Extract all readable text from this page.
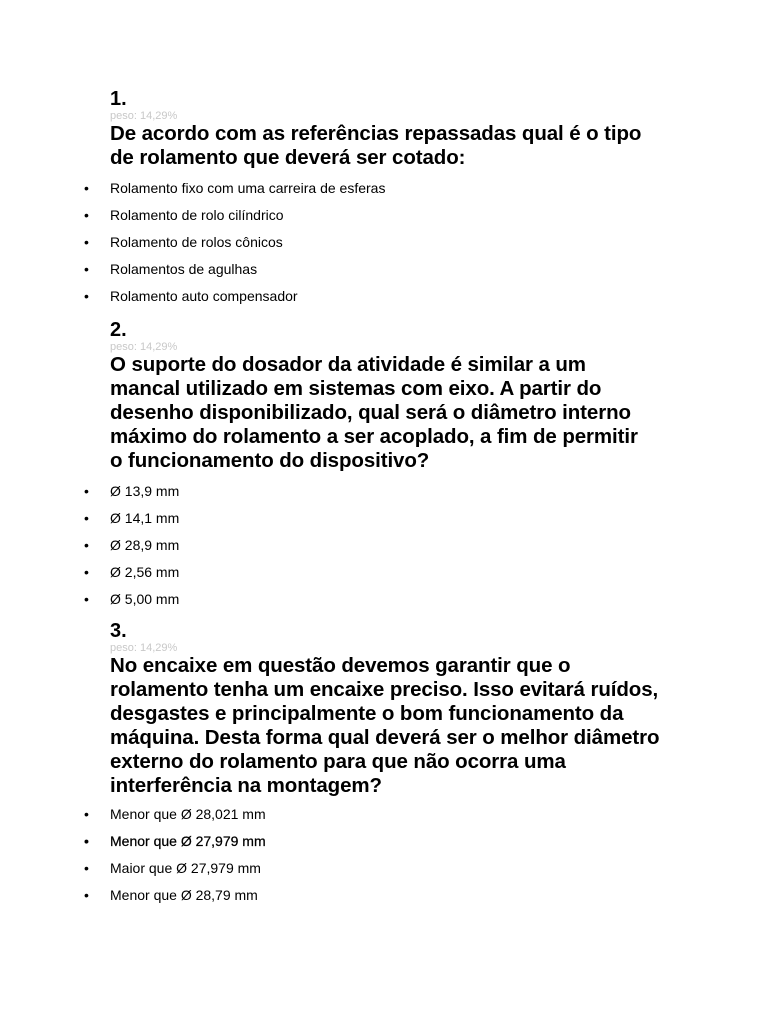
1.

peso: 14,29%

De acordo com as referências repassadas qual é o tipo de rolamento que deverá ser cotado:

• Rolamento fixo com uma carreira de esferas
• Rolamento de rolo cilíndrico
• Rolamento de rolos cônicos
• Rolamentos de agulhas
• Rolamento auto compensador

2.

peso: 14,29%

O suporte do dosador da atividade é similar a um mancal utilizado em sistemas com eixo. A partir do desenho disponibilizado, qual será o diâmetro interno máximo do rolamento a ser acoplado, a fim de permitir o funcionamento do dispositivo?

• Ø 13,9 mm
• Ø 14,1 mm
• Ø 28,9 mm
• Ø 2,56 mm
• Ø 5,00 mm

3.

peso: 14,29%

No encaixe em questão devemos garantir que o rolamento tenha um encaixe preciso. Isso evitará ruídos, desgastes e principalmente o bom funcionamento da máquina. Desta forma qual deverá ser o melhor diâmetro externo do rolamento para que não ocorra uma interferência na montagem?

• Menor que Ø 28,021 mm
• Menor que Ø 27,979 mm
• Maior que Ø 27,979 mm
• Menor que Ø 28,79 mm
